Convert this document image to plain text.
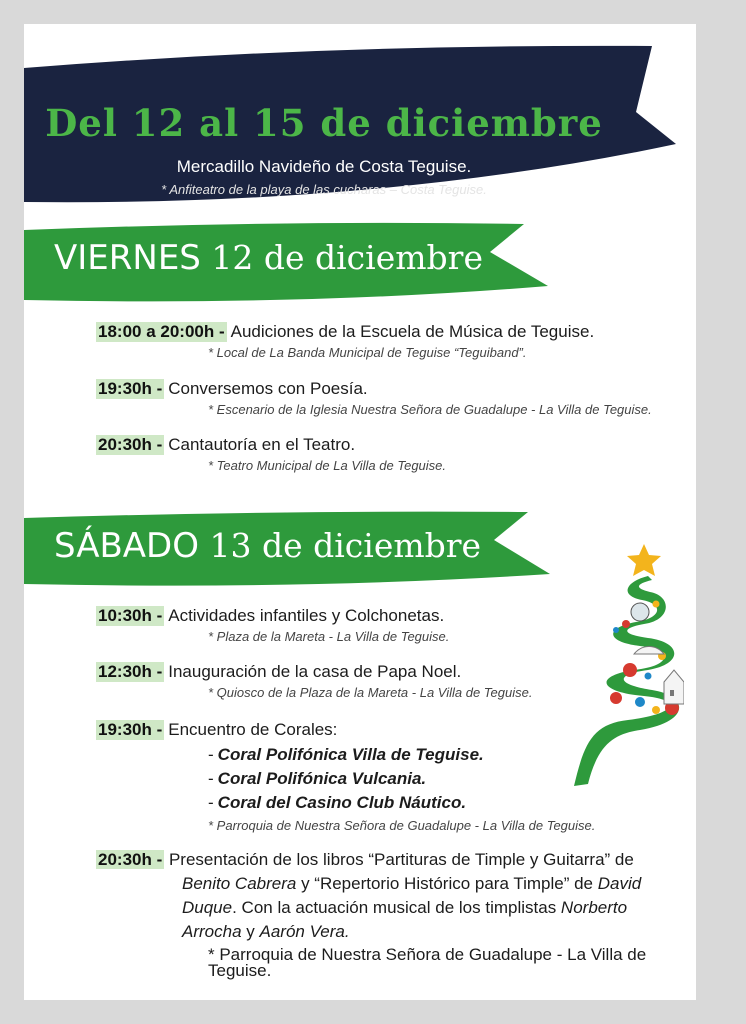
Del 12 al 15 de diciembre

Mercadillo Navideño de Costa Teguise.

* Anfiteatro de la playa de las cucharas – Costa Teguise.

VIERNES 12 de diciembre
18:00 a 20:00h - Audiciones de la Escuela de Música de Teguise.
* Local de La Banda Municipal de Teguise “Teguiband”.
19:30h - Conversemos con Poesía.
* Escenario de la Iglesia Nuestra Señora de Guadalupe - La Villa de Teguise.
20:30h - Cantautoría en el Teatro.
* Teatro Municipal de La Villa de Teguise.
SÁBADO 13 de diciembre
10:30h - Actividades infantiles y Colchonetas.
* Plaza de la Mareta - La Villa de Teguise.
12:30h - Inauguración de la casa de Papa Noel.
* Quiosco de la Plaza de la Mareta - La Villa de Teguise.
19:30h - Encuentro de Corales:
- Coral Polifónica Villa de Teguise.
- Coral Polifónica Vulcania.
- Coral del Casino Club Náutico.
* Parroquia de Nuestra Señora de Guadalupe - La Villa de Teguise.
20:30h - Presentación de los libros “Partituras de Timple y Guitarra” de
Benito Cabrera y “Repertorio Histórico para Timple” de David
Duque. Con la actuación musical de los timplistas Norberto
Arrocha y Aarón Vera.
* Parroquia de Nuestra Señora de Guadalupe - La Villa de Teguise.
